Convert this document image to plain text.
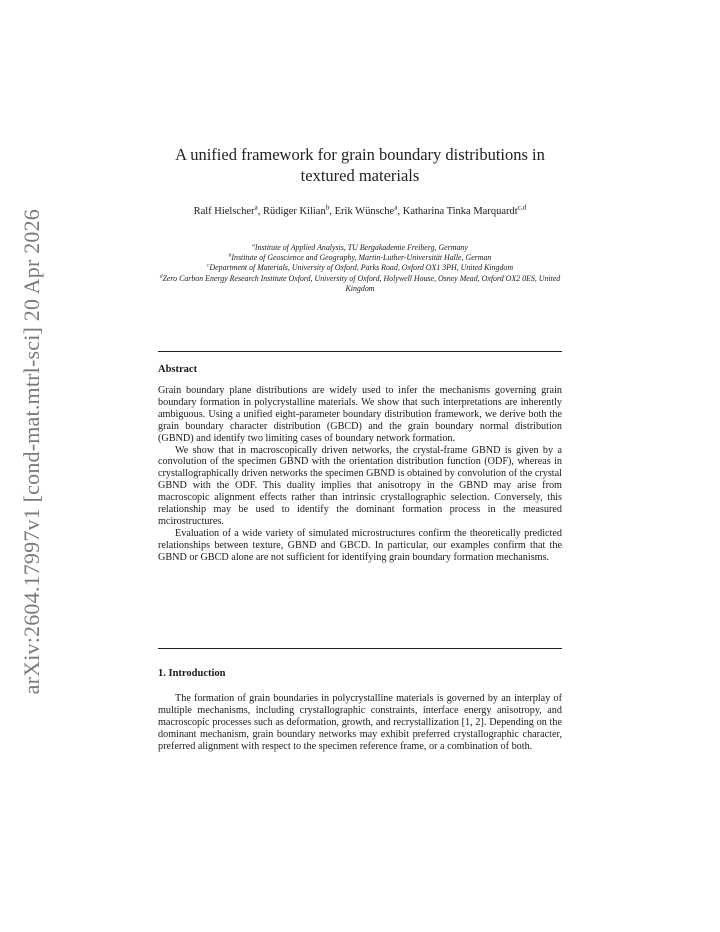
arXiv:2604.17997v1 [cond-mat.mtrl-sci] 20 Apr 2026
A unified framework for grain boundary distributions in
textured materials
Ralf Hielscher$^a$, Rüdiger Kilian$^b$, Erik Wünsche$^a$, Katharina Tinka Marquardt$^{c,d}$
$^a$Institute of Applied Analysis, TU Bergakademie Freiberg, Germany
$^b$Institute of Geoscience and Geography, Martin-Luther-Universität Halle, German
$^c$Department of Materials, University of Oxford, Parks Road, Oxford OX1 3PH, United Kingdom
$^d$Zero Carbon Energy Research Institute Oxford, University of Oxford, Holywell House, Osney Mead, Oxford OX2 0ES, United Kingdom
Abstract

Grain boundary plane distributions are widely used to infer the mechanisms governing grain boundary formation in polycrystalline materials. We show that such interpretations are inherently ambiguous. Using a unified eight-parameter boundary distribution framework, we derive both the grain boundary character distribution (GBCD) and the grain boundary normal distribution (GBND) and identify two limiting cases of boundary network formation.

We show that in macroscopically driven networks, the crystal-frame GBND is given by a convolution of the specimen GBND with the orientation distribution function (ODF), whereas in crystallographically driven networks the specimen GBND is obtained by convolution of the crystal GBND with the ODF. This duality implies that anisotropy in the GBND may arise from macroscopic alignment effects rather than intrinsic crystallographic selection. Conversely, this relationship may be used to identify the dominant formation process in the measured mcirostructures.

Evaluation of a wide variety of simulated microstructures confirm the theoretically predicted relationships between texture, GBND and GBCD. In particular, our examples confirm that the GBND or GBCD alone are not sufficient for identifying grain boundary formation mechanisms.

1. Introduction

The formation of grain boundaries in polycrystalline materials is governed by an interplay of multiple mechanisms, including crystallographic constraints, interface energy anisotropy, and macroscopic processes such as deformation, growth, and recrystallization [1, 2]. Depending on the dominant mechanism, grain boundary networks may exhibit preferred crystallographic character, preferred alignment with respect to the specimen reference frame, or a combination of both.
